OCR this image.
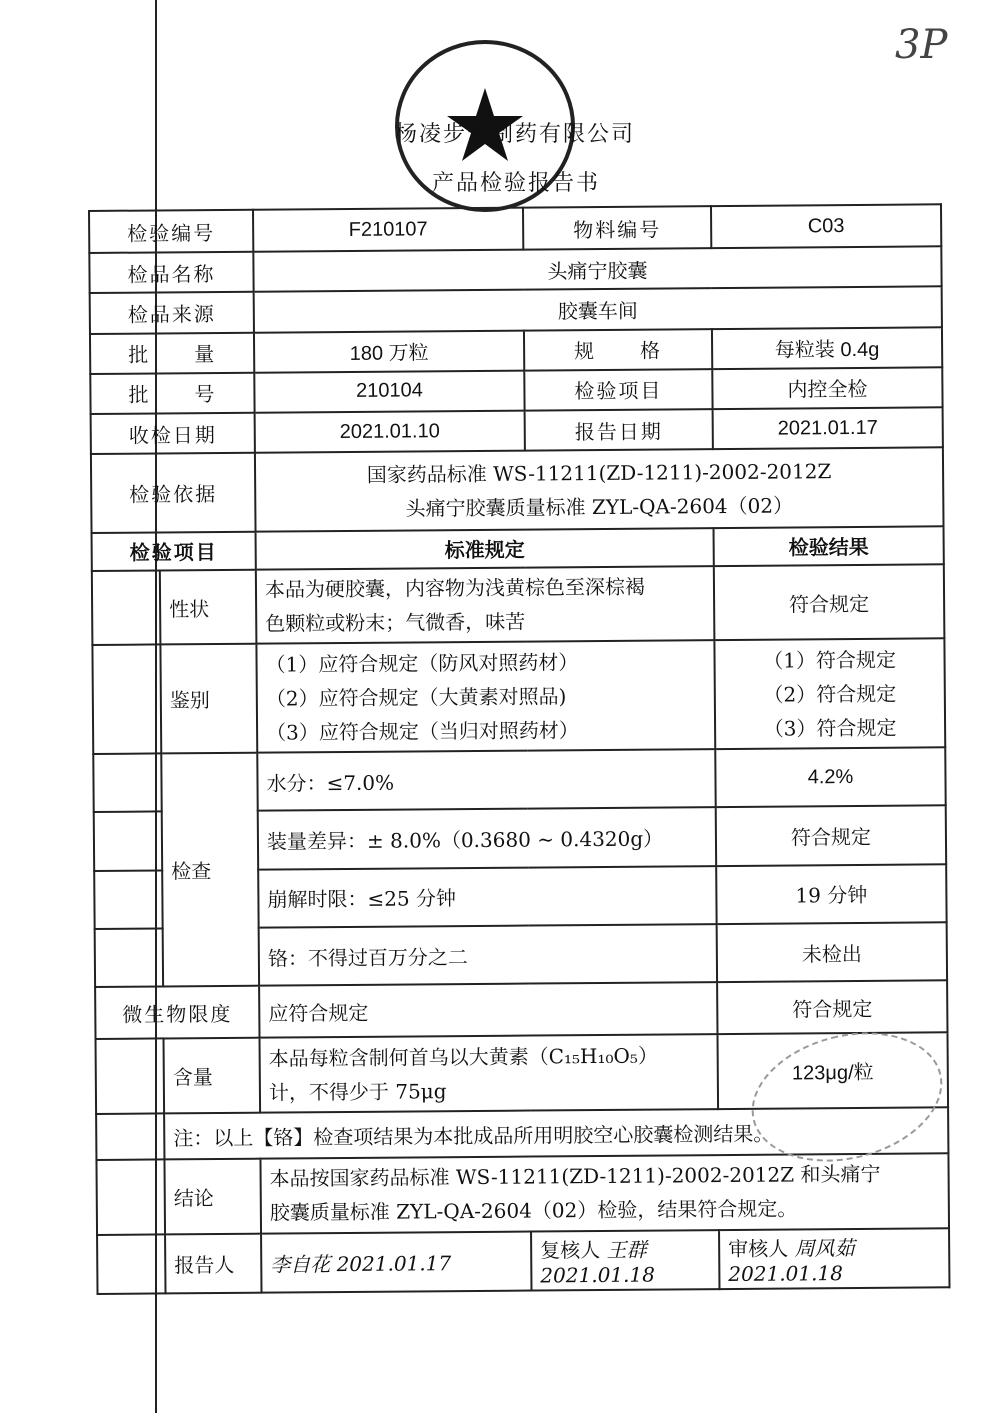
3P
杨凌步长制药有限公司
产品检验报告书
检验编号		F210107	物料编号	C03
检品名称		头痛宁胶囊		
检品来源		胶囊车间		
批　　量		180 万粒	规　　格	每粒装 0.4g
批　　号		210104	检验项目	内控全检
收检日期		2021.01.10	报告日期	2021.01.17
检验依据		国家药品标准 WS-11211(ZD-1211)-2002-2012Z
头痛宁胶囊质量标准 ZYL-QA-2604（02）		

检验项目		标准规定		检验结果
	性状	本品为硬胶囊，内容物为浅黄棕色至深棕褐
色颗粒或粉末；气微香，味苦		符合规定
	鉴别	（1）应符合规定（防风对照药材）
（2）应符合规定（大黄素对照品)
（3）应符合规定（当归对照药材）		（1）符合规定
（2）符合规定
（3）符合规定

	检查	水分：≤7.0%		4.2%
		装量差异：± 8.0%（0.3680 ~ 0.4320g）		符合规定
		崩解时限：≤25 分钟		19 分钟
		铬：不得过百万分之二		未检出
微生物限度		应符合规定		符合规定
	含量	本品每粒含制何首乌以大黄素（C₁₅H₁₀O₅）
计，不得少于 75μg		123μg/粒
	注：以上【铬】检查项结果为本批成品所用明胶空心胶囊检测结果。			
	结论	本品按国家药品标准 WS-11211(ZD-1211)-2002-2012Z 和头痛宁
胶囊质量标准 ZYL-QA-2604（02）检验，结果符合规定。		

	报告人	李自花 2021.01.17	复核人 王群 2021.01.18	审核人 周风茹 2021.01.18
